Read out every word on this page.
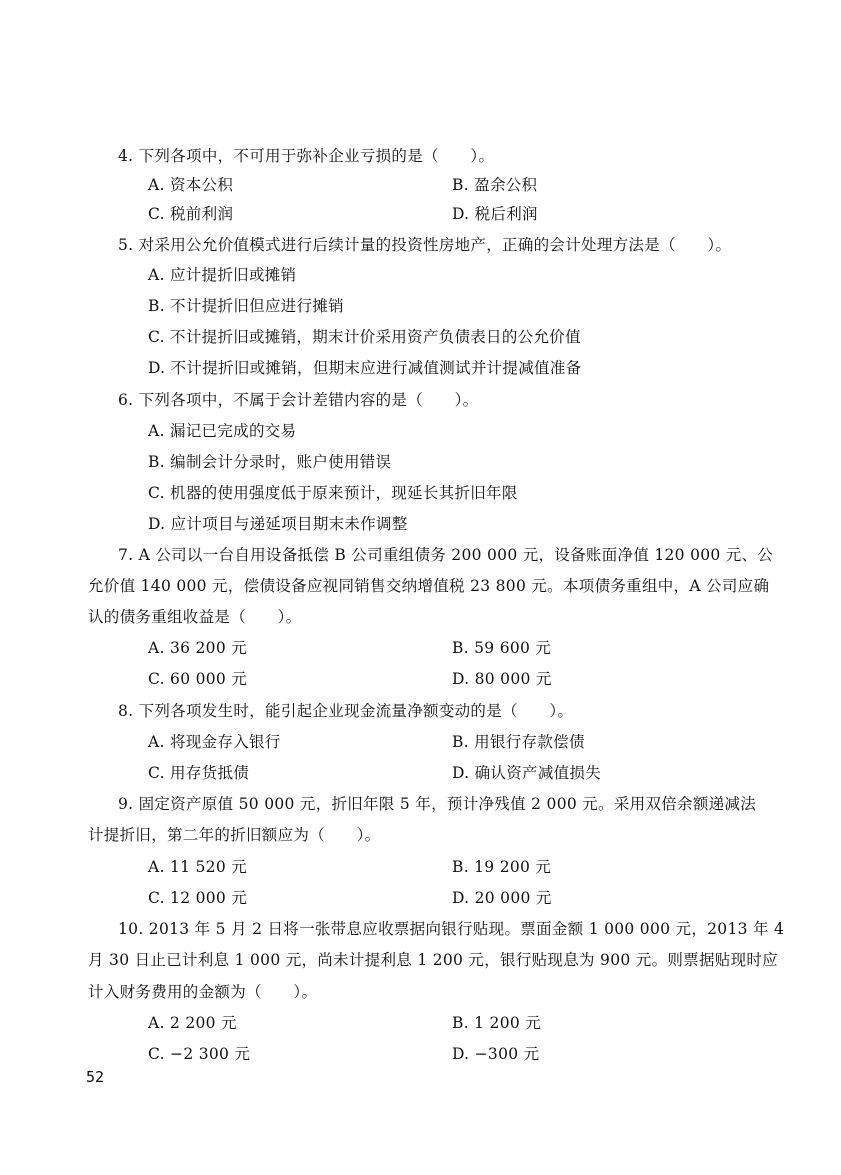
4. 下列各项中，不可用于弥补企业亏损的是（　　）。
A. 资本公积	B. 盈余公积
C. 税前利润	D. 税后利润
5. 对采用公允价值模式进行后续计量的投资性房地产，正确的会计处理方法是（　　）。
A. 应计提折旧或摊销
B. 不计提折旧但应进行摊销
C. 不计提折旧或摊销，期末计价采用资产负债表日的公允价值
D. 不计提折旧或摊销，但期末应进行减值测试并计提减值准备
6. 下列各项中，不属于会计差错内容的是（　　）。
A. 漏记已完成的交易
B. 编制会计分录时，账户使用错误
C. 机器的使用强度低于原来预计，现延长其折旧年限
D. 应计项目与递延项目期末未作调整
7. A 公司以一台自用设备抵偿 B 公司重组债务 200 000 元，设备账面净值 120 000 元、公
允价值 140 000 元，偿债设备应视同销售交纳增值税 23 800 元。本项债务重组中，A 公司应确
认的债务重组收益是（　　）。
A. 36 200 元	B. 59 600 元
C. 60 000 元	D. 80 000 元
8. 下列各项发生时，能引起企业现金流量净额变动的是（　　）。
A. 将现金存入银行	B. 用银行存款偿债
C. 用存货抵债	D. 确认资产减值损失
9. 固定资产原值 50 000 元，折旧年限 5 年，预计净残值 2 000 元。采用双倍余额递减法
计提折旧，第二年的折旧额应为（　　）。
A. 11 520 元	B. 19 200 元
C. 12 000 元	D. 20 000 元
10. 2013 年 5 月 2 日将一张带息应收票据向银行贴现。票面金额 1 000 000 元，2013 年 4
月 30 日止已计利息 1 000 元，尚未计提利息 1 200 元，银行贴现息为 900 元。则票据贴现时应
计入财务费用的金额为（　　）。
A. 2 200 元	B. 1 200 元
C. −2 300 元	D. −300 元
52
